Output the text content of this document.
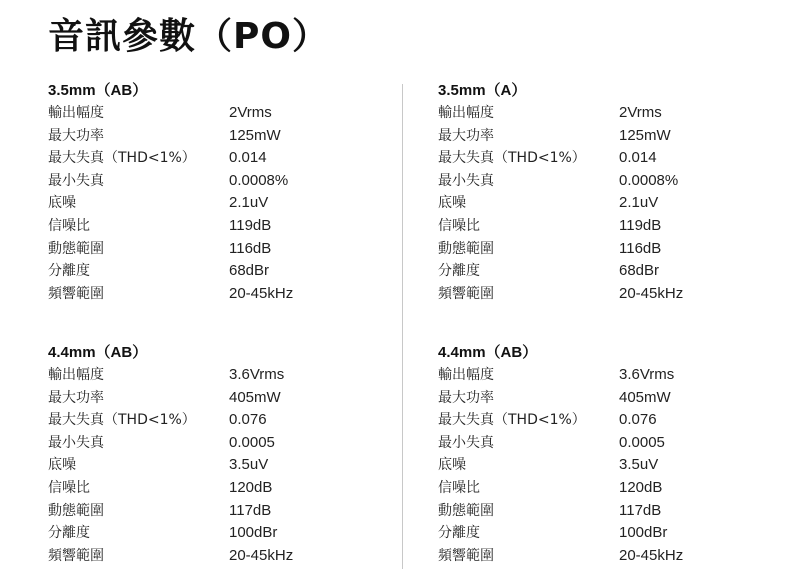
音訊參數（PO）
3.5mm（AB）
輸出幅度	2Vrms
最大功率	125mW
最大失真（THD<1%）	0.014
最小失真	0.0008%
底噪	2.1uV
信噪比	119dB
動態範圍	116dB
分離度	68dBr
頻響範圍	20-45kHz
3.5mm（A）
輸出幅度	2Vrms
最大功率	125mW
最大失真（THD<1%）	0.014
最小失真	0.0008%
底噪	2.1uV
信噪比	119dB
動態範圍	116dB
分離度	68dBr
頻響範圍	20-45kHz
4.4mm（AB）
輸出幅度	3.6Vrms
最大功率	405mW
最大失真（THD<1%）	0.076
最小失真	0.0005
底噪	3.5uV
信噪比	120dB
動態範圍	117dB
分離度	100dBr
頻響範圍	20-45kHz
4.4mm（AB）
輸出幅度	3.6Vrms
最大功率	405mW
最大失真（THD<1%）	0.076
最小失真	0.0005
底噪	3.5uV
信噪比	120dB
動態範圍	117dB
分離度	100dBr
頻響範圍	20-45kHz
